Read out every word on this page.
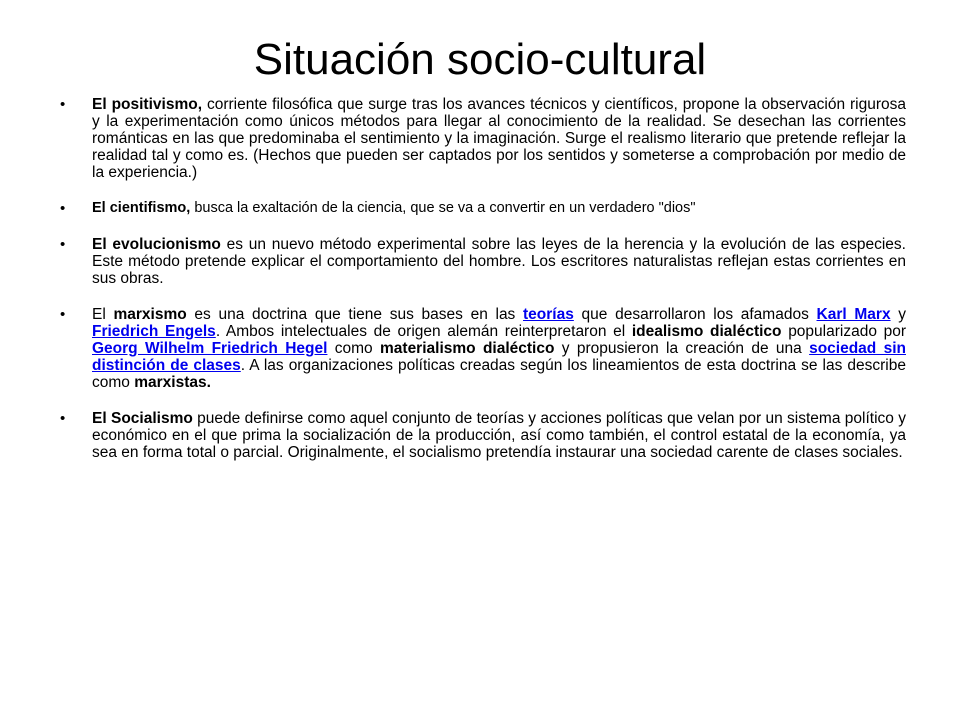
Situación socio-cultural
• El positivismo, corriente filosófica que surge tras los avances técnicos y científicos, propone la observación rigurosa y la experimentación como únicos métodos para llegar al conocimiento de la realidad. Se desechan las corrientes románticas en las que predominaba el sentimiento y la imaginación. Surge el realismo literario que pretende reflejar la realidad tal y como es. (Hechos que pueden ser captados por los sentidos y someterse a comprobación por medio de la experiencia.)
• El cientifismo, busca la exaltación de la ciencia, que se va a convertir en un verdadero "dios"
• El evolucionismo es un nuevo método experimental sobre las leyes de la herencia y la evolución de las especies. Este método pretende explicar el comportamiento del hombre. Los escritores naturalistas reflejan estas corrientes en sus obras.
• El marxismo es una doctrina que tiene sus bases en las teorías que desarrollaron los afamados Karl Marx y Friedrich Engels. Ambos intelectuales de origen alemán reinterpretaron el idealismo dialéctico popularizado por Georg Wilhelm Friedrich Hegel como materialismo dialéctico y propusieron la creación de una sociedad sin distinción de clases. A las organizaciones políticas creadas según los lineamientos de esta doctrina se las describe como marxistas.
• El Socialismo puede definirse como aquel conjunto de teorías y acciones políticas que velan por un sistema político y económico en el que prima la socialización de la producción, así como también, el control estatal de la economía, ya sea en forma total o parcial. Originalmente, el socialismo pretendía instaurar una sociedad carente de clases sociales.
